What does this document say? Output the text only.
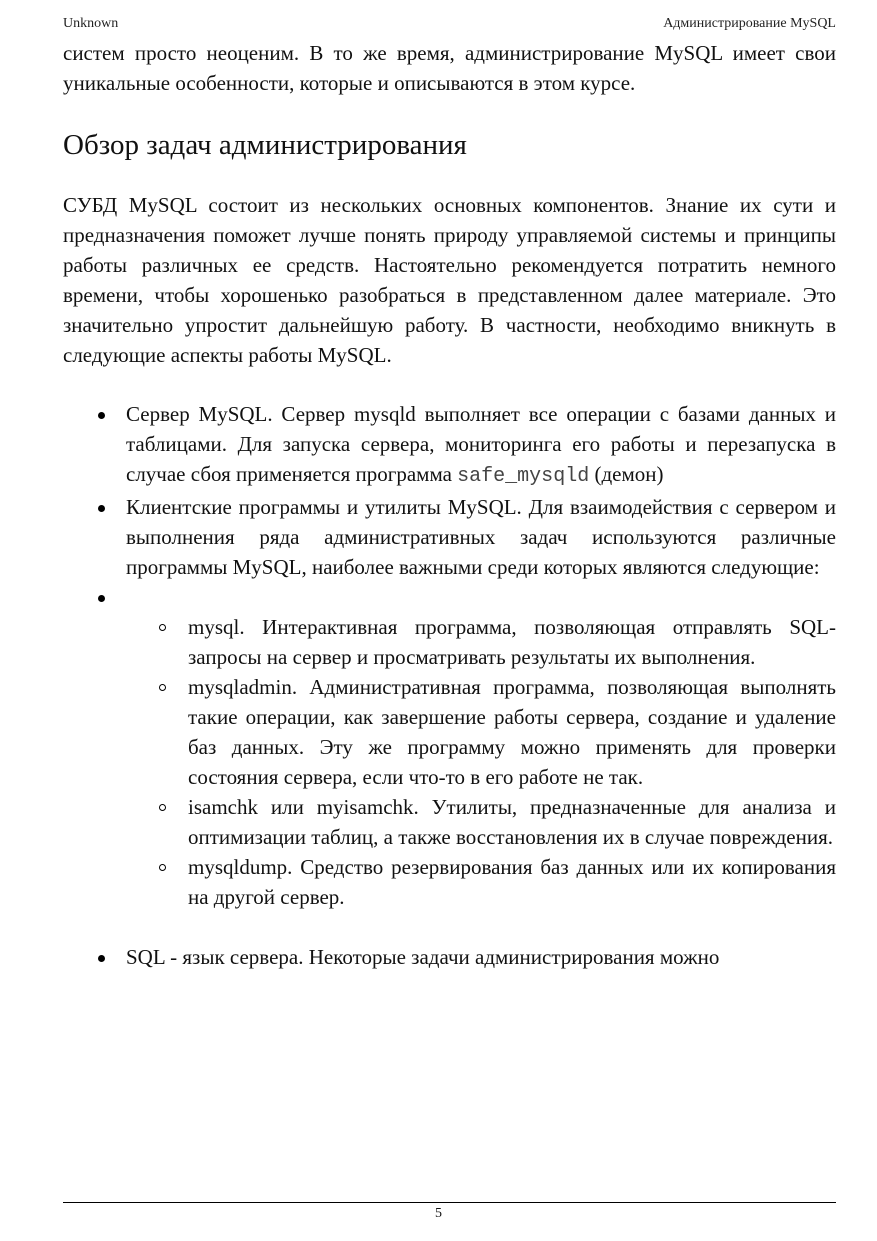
Unknown	Администрирование MySQL

систем просто неоценим. В то же время, администрирование MySQL имеет свои уникальные особенности, которые и описываются в этом курсе.

Обзор задач администрирования

СУБД MySQL состоит из нескольких основных компонентов. Знание их сути и предназначения поможет лучше понять природу управляемой системы и принципы работы различных ее средств. Настоятельно рекомендуется потратить немного времени, чтобы хорошенько разобраться в представленном далее материале. Это значительно упростит дальнейшую работу. В частности, необходимо вникнуть в следующие аспекты работы MySQL.

Сервер MySQL. Сервер mysqld выполняет все операции с базами данных и таблицами. Для запуска сервера, мониторинга его работы и перезапуска в случае сбоя применяется программа safe_mysqld (демон)
Клиентские программы и утилиты MySQL. Для взаимодействия с сервером и выполнения ряда административных задач используются различные программы MySQL, наиболее важными среди которых являются следующие:

mysql. Интерактивная программа, позволяющая отправлять SQL-запросы на сервер и просматривать результаты их выполнения.
mysqladmin. Административная программа, позволяющая выполнять такие операции, как завершение работы сервера, создание и удаление баз данных. Эту же программу можно применять для проверки состояния сервера, если что-то в его работе не так.
isamchk или myisamchk. Утилиты, предназначенные для анализа и оптимизации таблиц, а также восстановления их в случае повреждения.
mysqldump. Средство резервирования баз данных или их копирования на другой сервер.
SQL - язык сервера. Некоторые задачи администрирования можно
5
